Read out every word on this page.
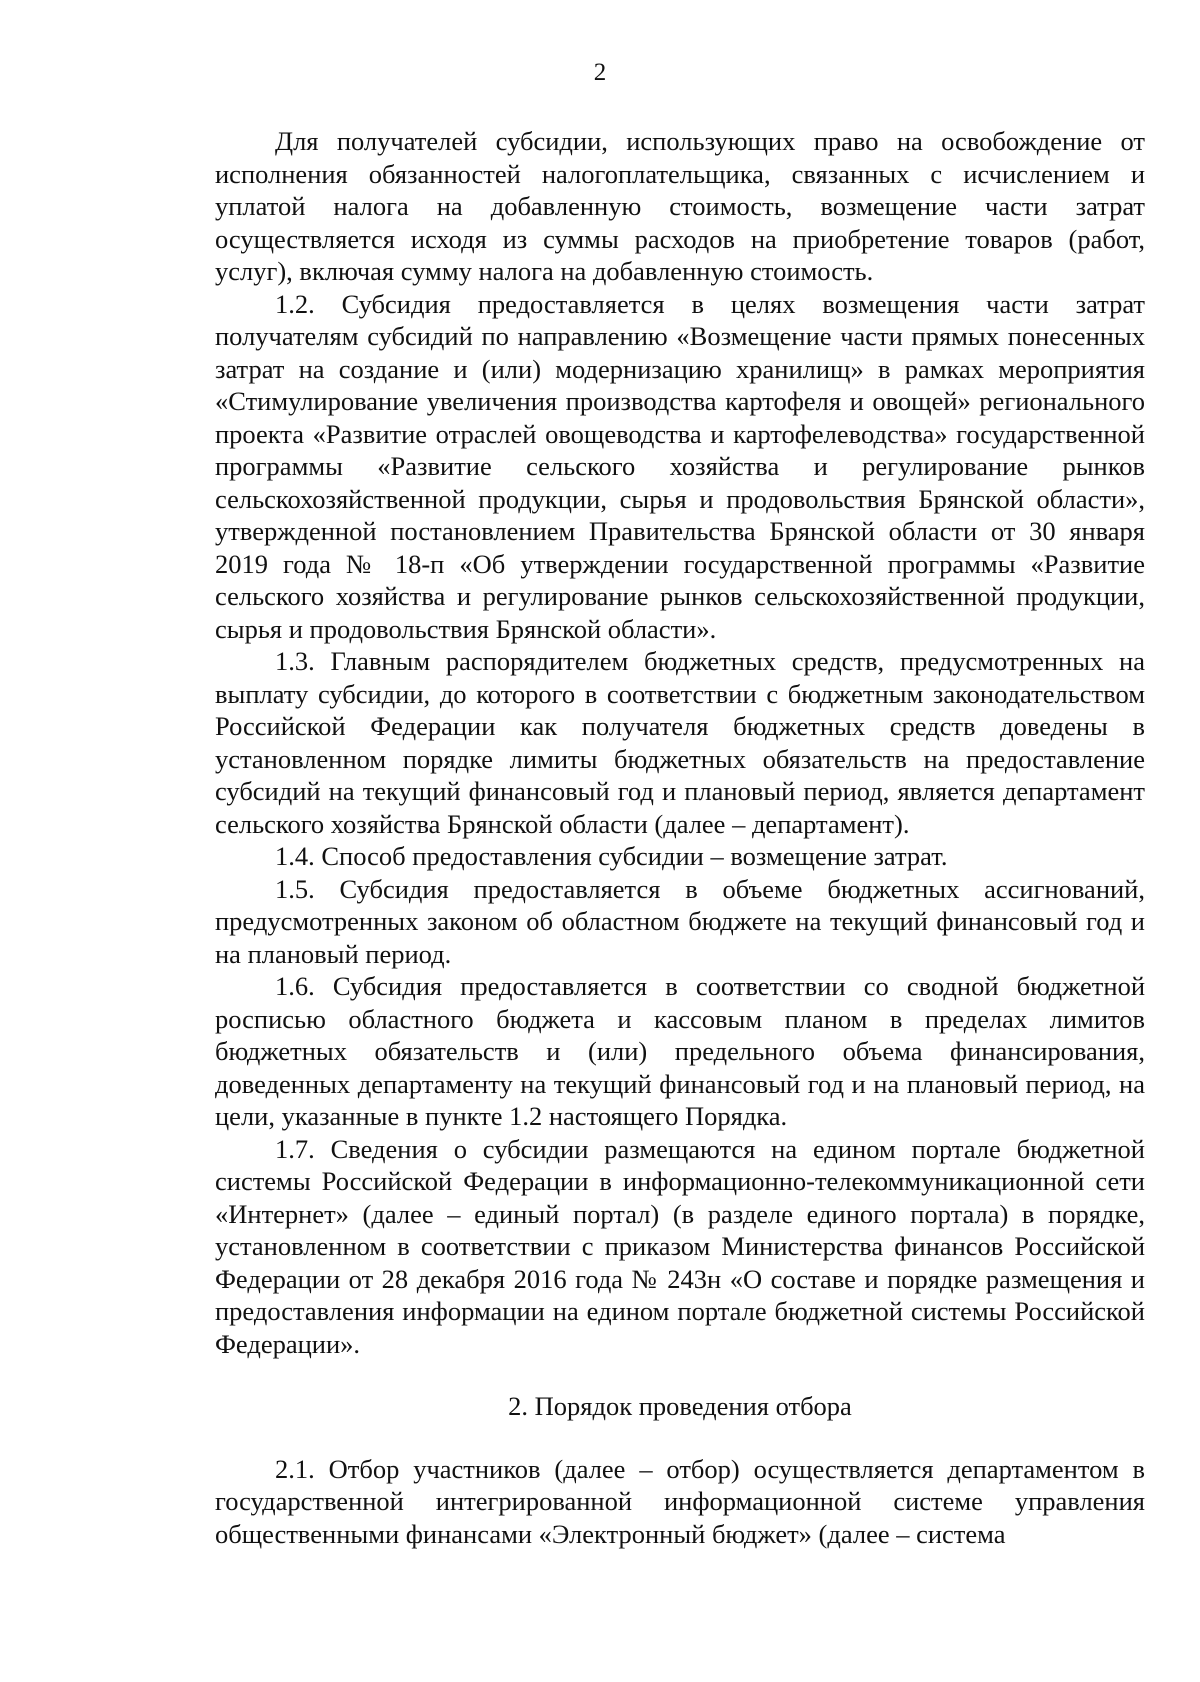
2

Для получателей субсидии, использующих право на освобождение от исполнения обязанностей налогоплательщика, связанных с исчислением и уплатой налога на добавленную стоимость, возмещение части затрат осуществляется исходя из суммы расходов на приобретение товаров (работ, услуг), включая сумму налога на добавленную стоимость.

1.2. Субсидия предоставляется в целях возмещения части затрат получателям субсидий по направлению «Возмещение части прямых понесенных затрат на создание и (или) модернизацию хранилищ» в рамках мероприятия «Стимулирование увеличения производства картофеля и овощей» регионального проекта «Развитие отраслей овощеводства и картофелеводства» государственной программы «Развитие сельского хозяйства и регулирование рынков сельскохозяйственной продукции, сырья и продовольствия Брянской области», утвержденной постановлением Правительства Брянской области от 30 января 2019 года № 18-п «Об утверждении государственной программы «Развитие сельского хозяйства и регулирование рынков сельскохозяйственной продукции, сырья и продовольствия Брянской области».

1.3. Главным распорядителем бюджетных средств, предусмотренных на выплату субсидии, до которого в соответствии с бюджетным законодательством Российской Федерации как получателя бюджетных средств доведены в установленном порядке лимиты бюджетных обязательств на предоставление субсидий на текущий финансовый год и плановый период, является департамент сельского хозяйства Брянской области (далее – департамент).

1.4. Способ предоставления субсидии – возмещение затрат.

1.5. Субсидия предоставляется в объеме бюджетных ассигнований, предусмотренных законом об областном бюджете на текущий финансовый год и на плановый период.

1.6. Субсидия предоставляется в соответствии со сводной бюджетной росписью областного бюджета и кассовым планом в пределах лимитов бюджетных обязательств и (или) предельного объема финансирования, доведенных департаменту на текущий финансовый год и на плановый период, на цели, указанные в пункте 1.2 настоящего Порядка.

1.7. Сведения о субсидии размещаются на едином портале бюджетной системы Российской Федерации в информационно-телекоммуникационной сети «Интернет» (далее – единый портал) (в разделе единого портала) в порядке, установленном в соответствии с приказом Министерства финансов Российской Федерации от 28 декабря 2016 года № 243н «О составе и порядке размещения и предоставления информации на едином портале бюджетной системы Российской Федерации».

2. Порядок проведения отбора

2.1. Отбор участников (далее – отбор) осуществляется департаментом в государственной интегрированной информационной системе управления общественными финансами «Электронный бюджет» (далее – система
